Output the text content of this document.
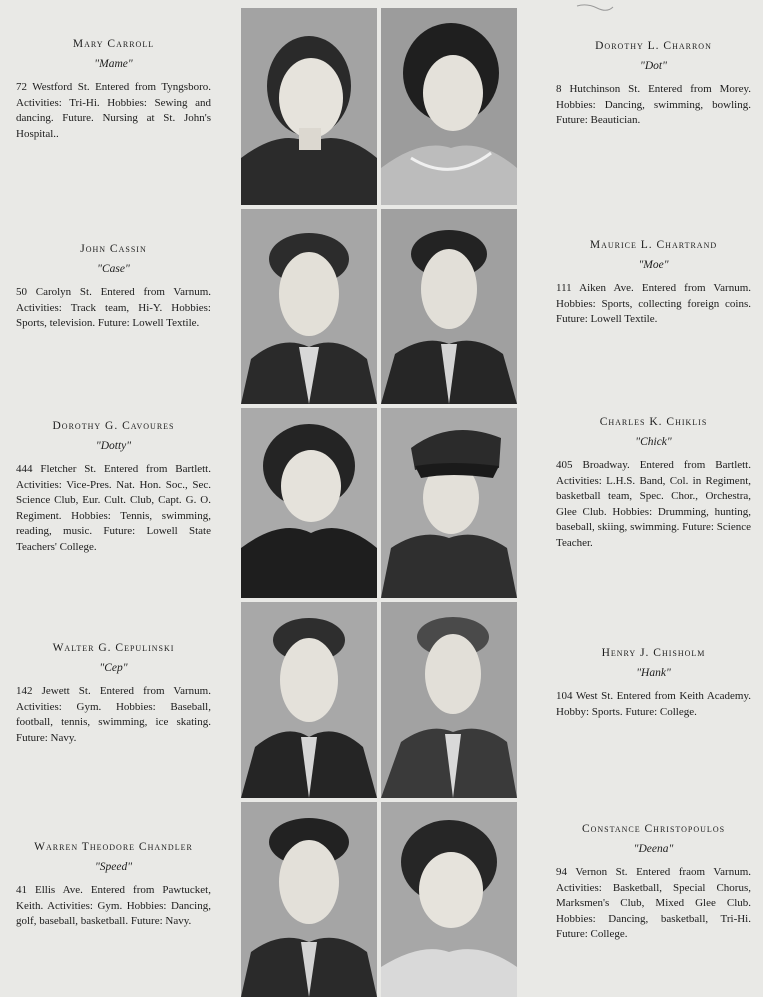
Mary Carroll
"Mame"

72 Westford St. Entered from Tyngsboro. Activities: Tri-Hi. Hobbies: Sewing and dancing. Future. Nursing at St. John's Hospital..

John Cassin
"Case"

50 Carolyn St. Entered from Varnum. Activities: Track team, Hi-Y. Hobbies: Sports, television. Future: Lowell Textile.

Dorothy G. Cavoures
"Dotty"

444 Fletcher St. Entered from Bartlett. Activities: Vice-Pres. Nat. Hon. Soc., Sec. Science Club, Eur. Cult. Club, Capt. G. O. Regiment. Hobbies: Tennis, swimming, reading, music. Future: Lowell State Teachers' College.

Walter G. Cepulinski
"Cep"

142 Jewett St. Entered from Varnum. Activities: Gym. Hobbies: Baseball, football, tennis, swimming, ice skating. Future: Navy.

Warren Theodore Chandler
"Speed"

41 Ellis Ave. Entered from Pawtucket, Keith. Activities: Gym. Hobbies: Dancing, golf, baseball, basketball. Future: Navy.

Dorothy L. Charron
"Dot"

8 Hutchinson St. Entered from Morey. Hobbies: Dancing, swimming, bowling. Future: Beautician.

Maurice L. Chartrand
"Moe"

111 Aiken Ave. Entered from Varnum. Hobbies: Sports, collecting foreign coins. Future: Lowell Textile.

Charles K. Chiklis
"Chick"

405 Broadway. Entered from Bartlett. Activities: L.H.S. Band, Col. in Regiment, basketball team, Spec. Chor., Orchestra, Glee Club. Hobbies: Drumming, hunting, baseball, skiing, swimming. Future: Science Teacher.

Henry J. Chisholm
"Hank"

104 West St. Entered from Keith Academy. Hobby: Sports. Future: College.

Constance Christopoulos
"Deena"

94 Vernon St. Entered fraom Varnum. Activities: Basketball, Special Chorus, Marksmen's Club, Mixed Glee Club. Hobbies: Dancing, basketball, Tri-Hi. Future: College.
